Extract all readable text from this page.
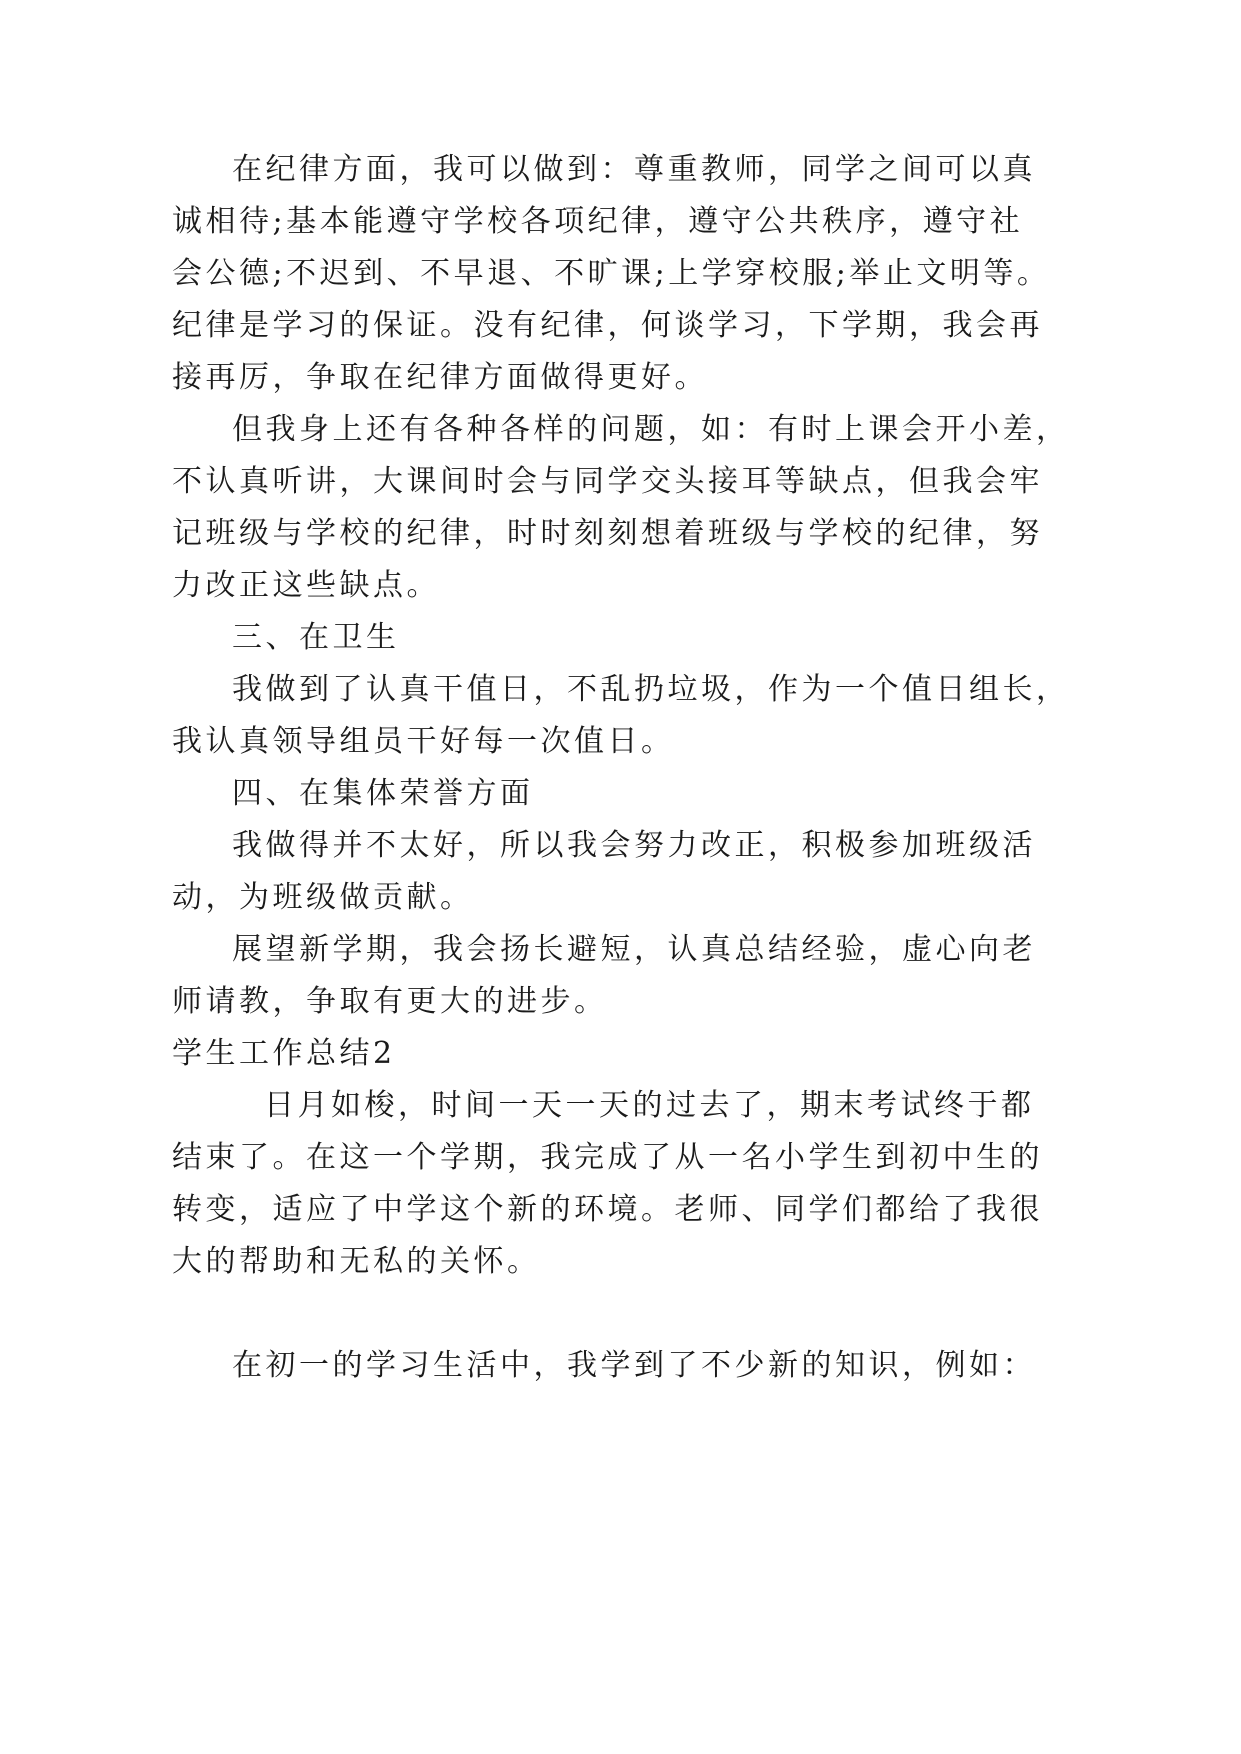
在纪律方面，我可以做到：尊重教师，同学之间可以真
诚相待;基本能遵守学校各项纪律，遵守公共秩序，遵守社
会公德;不迟到、不早退、不旷课;上学穿校服;举止文明等。
纪律是学习的保证。没有纪律，何谈学习，下学期，我会再
接再厉，争取在纪律方面做得更好。
但我身上还有各种各样的问题，如：有时上课会开小差，
不认真听讲，大课间时会与同学交头接耳等缺点，但我会牢
记班级与学校的纪律，时时刻刻想着班级与学校的纪律，努
力改正这些缺点。
三、在卫生
我做到了认真干值日，不乱扔垃圾，作为一个值日组长，
我认真领导组员干好每一次值日。
四、在集体荣誉方面
我做得并不太好，所以我会努力改正，积极参加班级活
动，为班级做贡献。
展望新学期，我会扬长避短，认真总结经验，虚心向老
师请教，争取有更大的进步。
学生工作总结2
日月如梭，时间一天一天的过去了，期末考试终于都
结束了。在这一个学期，我完成了从一名小学生到初中生的
转变，适应了中学这个新的环境。老师、同学们都给了我很
大的帮助和无私的关怀。
在初一的学习生活中，我学到了不少新的知识，例如：
